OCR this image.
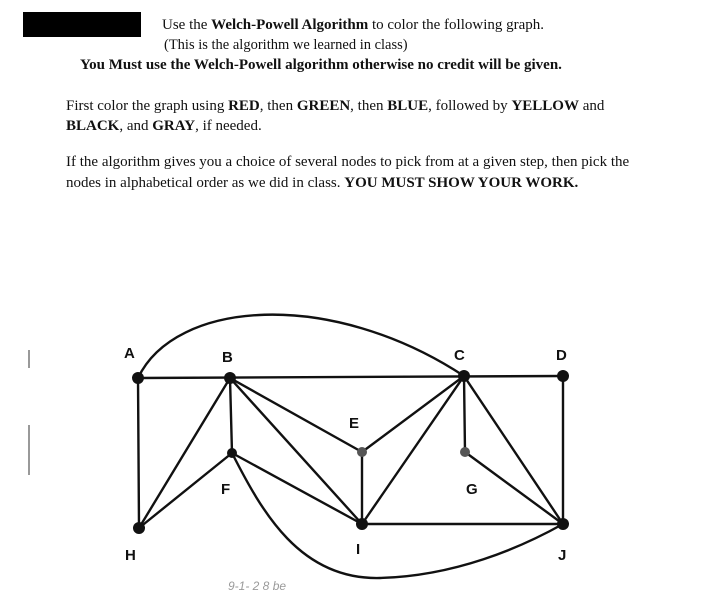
Use the Welch-Powell Algorithm to color the following graph.
(This is the algorithm we learned in class)
You Must use the Welch-Powell algorithm otherwise no credit will be given.
First color the graph using RED, then GREEN, then BLUE, followed by YELLOW and
BLACK, and GRAY, if needed.
If the algorithm gives you a choice of several nodes to pick from at a given step, then pick the
nodes in alphabetical order as we did in class. YOU MUST SHOW YOUR WORK.
A	B	C	D
E
F	G
H	I	J
9-1- 2 8 be
